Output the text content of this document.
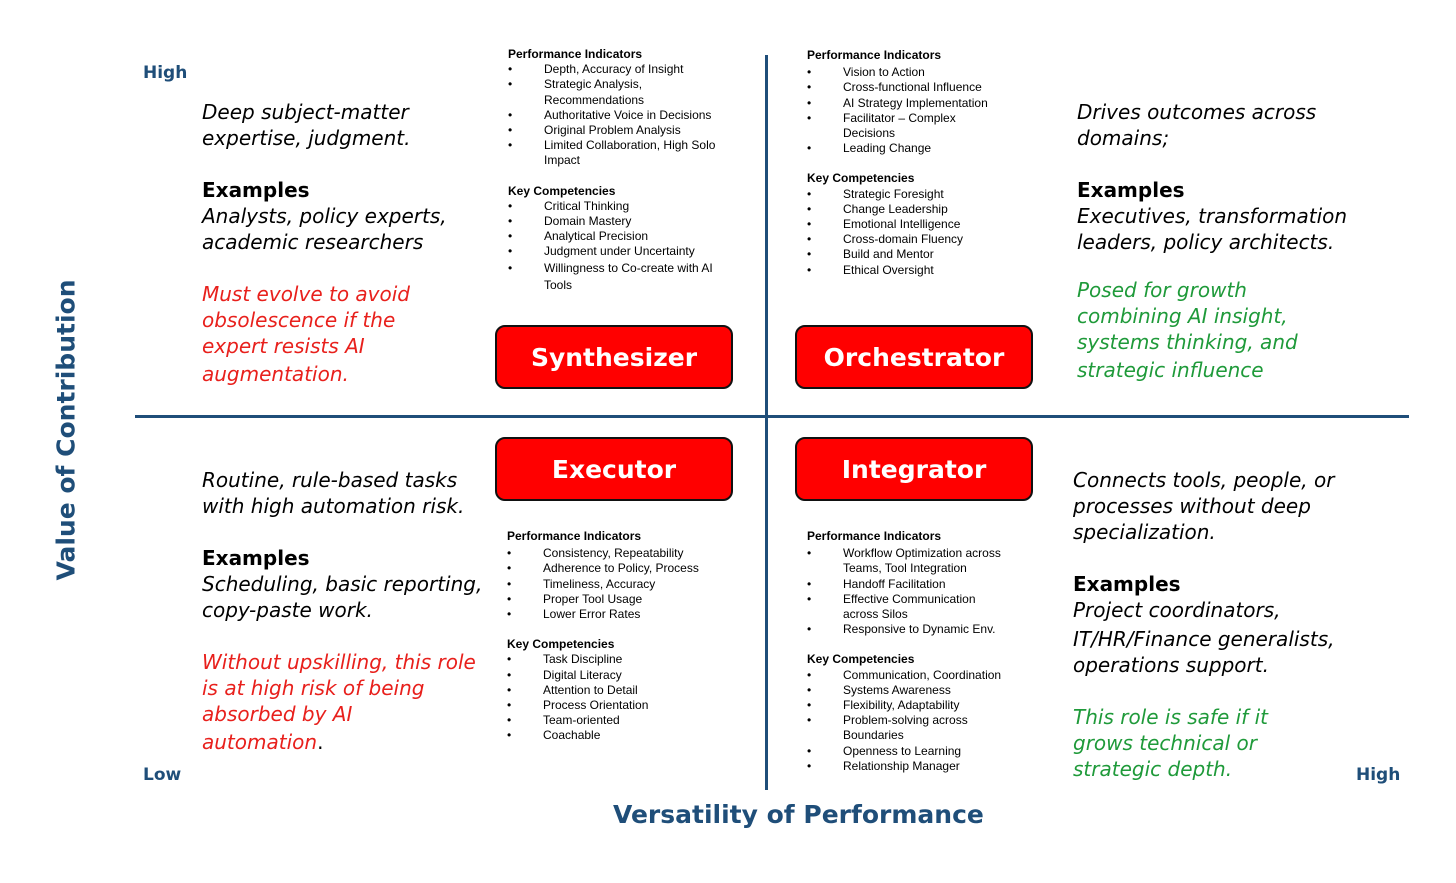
Value of Contribution
Versatility of Performance
High
Low	High
Synthesizer	Orchestrator
Executor	Integrator
Deep subject-matter
expertise, judgment.
Examples
Analysts, policy experts,
academic researchers
Must evolve to avoid
obsolescence if the
expert resists AI
augmentation.
Drives outcomes across
domains;
Examples
Executives, transformation
leaders, policy architects.
Posed for growth
combining AI insight,
systems thinking, and
strategic influence
Routine, rule-based tasks
with high automation risk.
Examples
Scheduling, basic reporting,
copy-paste work.
Without upskilling, this role
is at high risk of being
absorbed by AI
automation.
Connects tools, people, or
processes without deep
specialization.
Examples
Project coordinators,
IT/HR/Finance generalists,
operations support.
This role is safe if it
grows technical or
strategic depth.
Performance Indicators
• Depth, Accuracy of Insight
• Strategic Analysis, Recommendations
• Authoritative Voice in Decisions
• Original Problem Analysis
• Limited Collaboration, High Solo Impact
Key Competencies
• Critical Thinking
• Domain Mastery
• Analytical Precision
• Judgment under Uncertainty
• Willingness to Co-create with AI Tools
Performance Indicators
• Vision to Action
• Cross-functional Influence
• AI Strategy Implementation
• Facilitator – Complex Decisions
• Leading Change
Key Competencies
• Strategic Foresight
• Change Leadership
• Emotional Intelligence
• Cross-domain Fluency
• Build and Mentor
• Ethical Oversight
Performance Indicators
• Consistency, Repeatability
• Adherence to Policy, Process
• Timeliness, Accuracy
• Proper Tool Usage
• Lower Error Rates
Key Competencies
• Task Discipline
• Digital Literacy
• Attention to Detail
• Process Orientation
• Team-oriented
• Coachable
Performance Indicators
• Workflow Optimization across Teams, Tool Integration
• Handoff Facilitation
• Effective Communication across Silos
• Responsive to Dynamic Env.
Key Competencies
• Communication, Coordination
• Systems Awareness
• Flexibility, Adaptability
• Problem-solving across Boundaries
• Openness to Learning
• Relationship Manager
